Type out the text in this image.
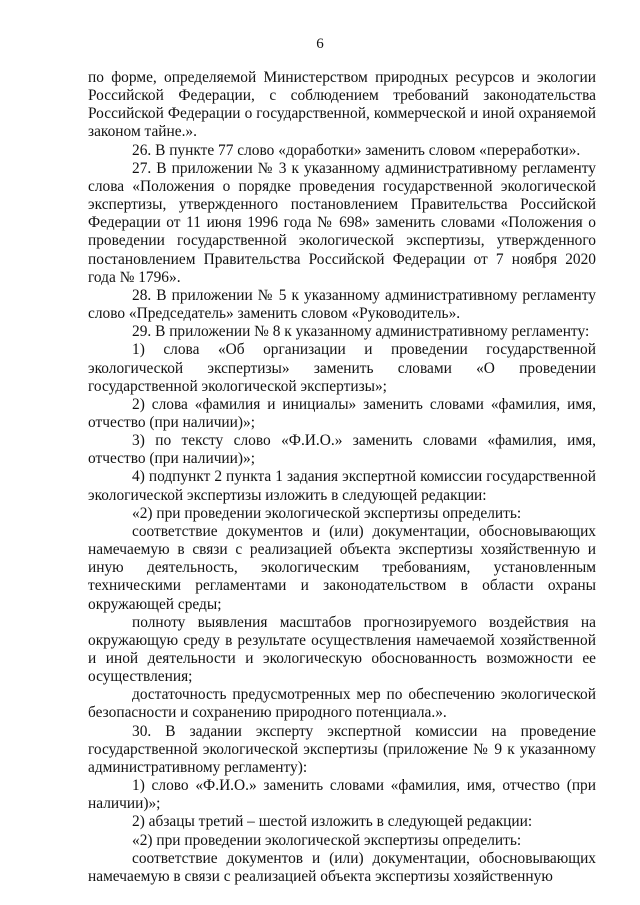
6

по форме, определяемой Министерством природных ресурсов и экологии Российской Федерации, с соблюдением требований законодательства Российской Федерации о государственной, коммерческой и иной охраняемой законом тайне.».

26. В пункте 77 слово «доработки» заменить словом «переработки».

27. В приложении № 3 к указанному административному регламенту слова «Положения о порядке проведения государственной экологической экспертизы, утвержденного постановлением Правительства Российской Федерации от 11 июня 1996 года № 698» заменить словами «Положения о проведении государственной экологической экспертизы, утвержденного постановлением Правительства Российской Федерации от 7 ноября 2020 года № 1796».

28. В приложении № 5 к указанному административному регламенту слово «Председатель» заменить словом «Руководитель».

29. В приложении № 8 к указанному административному регламенту:

1) слова «Об организации и проведении государственной экологической экспертизы» заменить словами «О проведении государственной экологической экспертизы»;

2) слова «фамилия и инициалы» заменить словами «фамилия, имя, отчество (при наличии)»;

3) по тексту слово «Ф.И.О.» заменить словами «фамилия, имя, отчество (при наличии)»;

4) подпункт 2 пункта 1 задания экспертной комиссии государственной экологической экспертизы изложить в следующей редакции:

«2) при проведении экологической экспертизы определить:

соответствие документов и (или) документации, обосновывающих намечаемую в связи с реализацией объекта экспертизы хозяйственную и иную деятельность, экологическим требованиям, установленным техническими регламентами и законодательством в области охраны окружающей среды;

полноту выявления масштабов прогнозируемого воздействия на окружающую среду в результате осуществления намечаемой хозяйственной и иной деятельности и экологическую обоснованность возможности ее осуществления;

достаточность предусмотренных мер по обеспечению экологической безопасности и сохранению природного потенциала.».

30. В задании эксперту экспертной комиссии на проведение государственной экологической экспертизы (приложение № 9 к указанному административному регламенту):

1) слово «Ф.И.О.» заменить словами «фамилия, имя, отчество (при наличии)»;

2) абзацы третий – шестой изложить в следующей редакции:

«2) при проведении экологической экспертизы определить:

соответствие документов и (или) документации, обосновывающих намечаемую в связи с реализацией объекта экспертизы хозяйственную
